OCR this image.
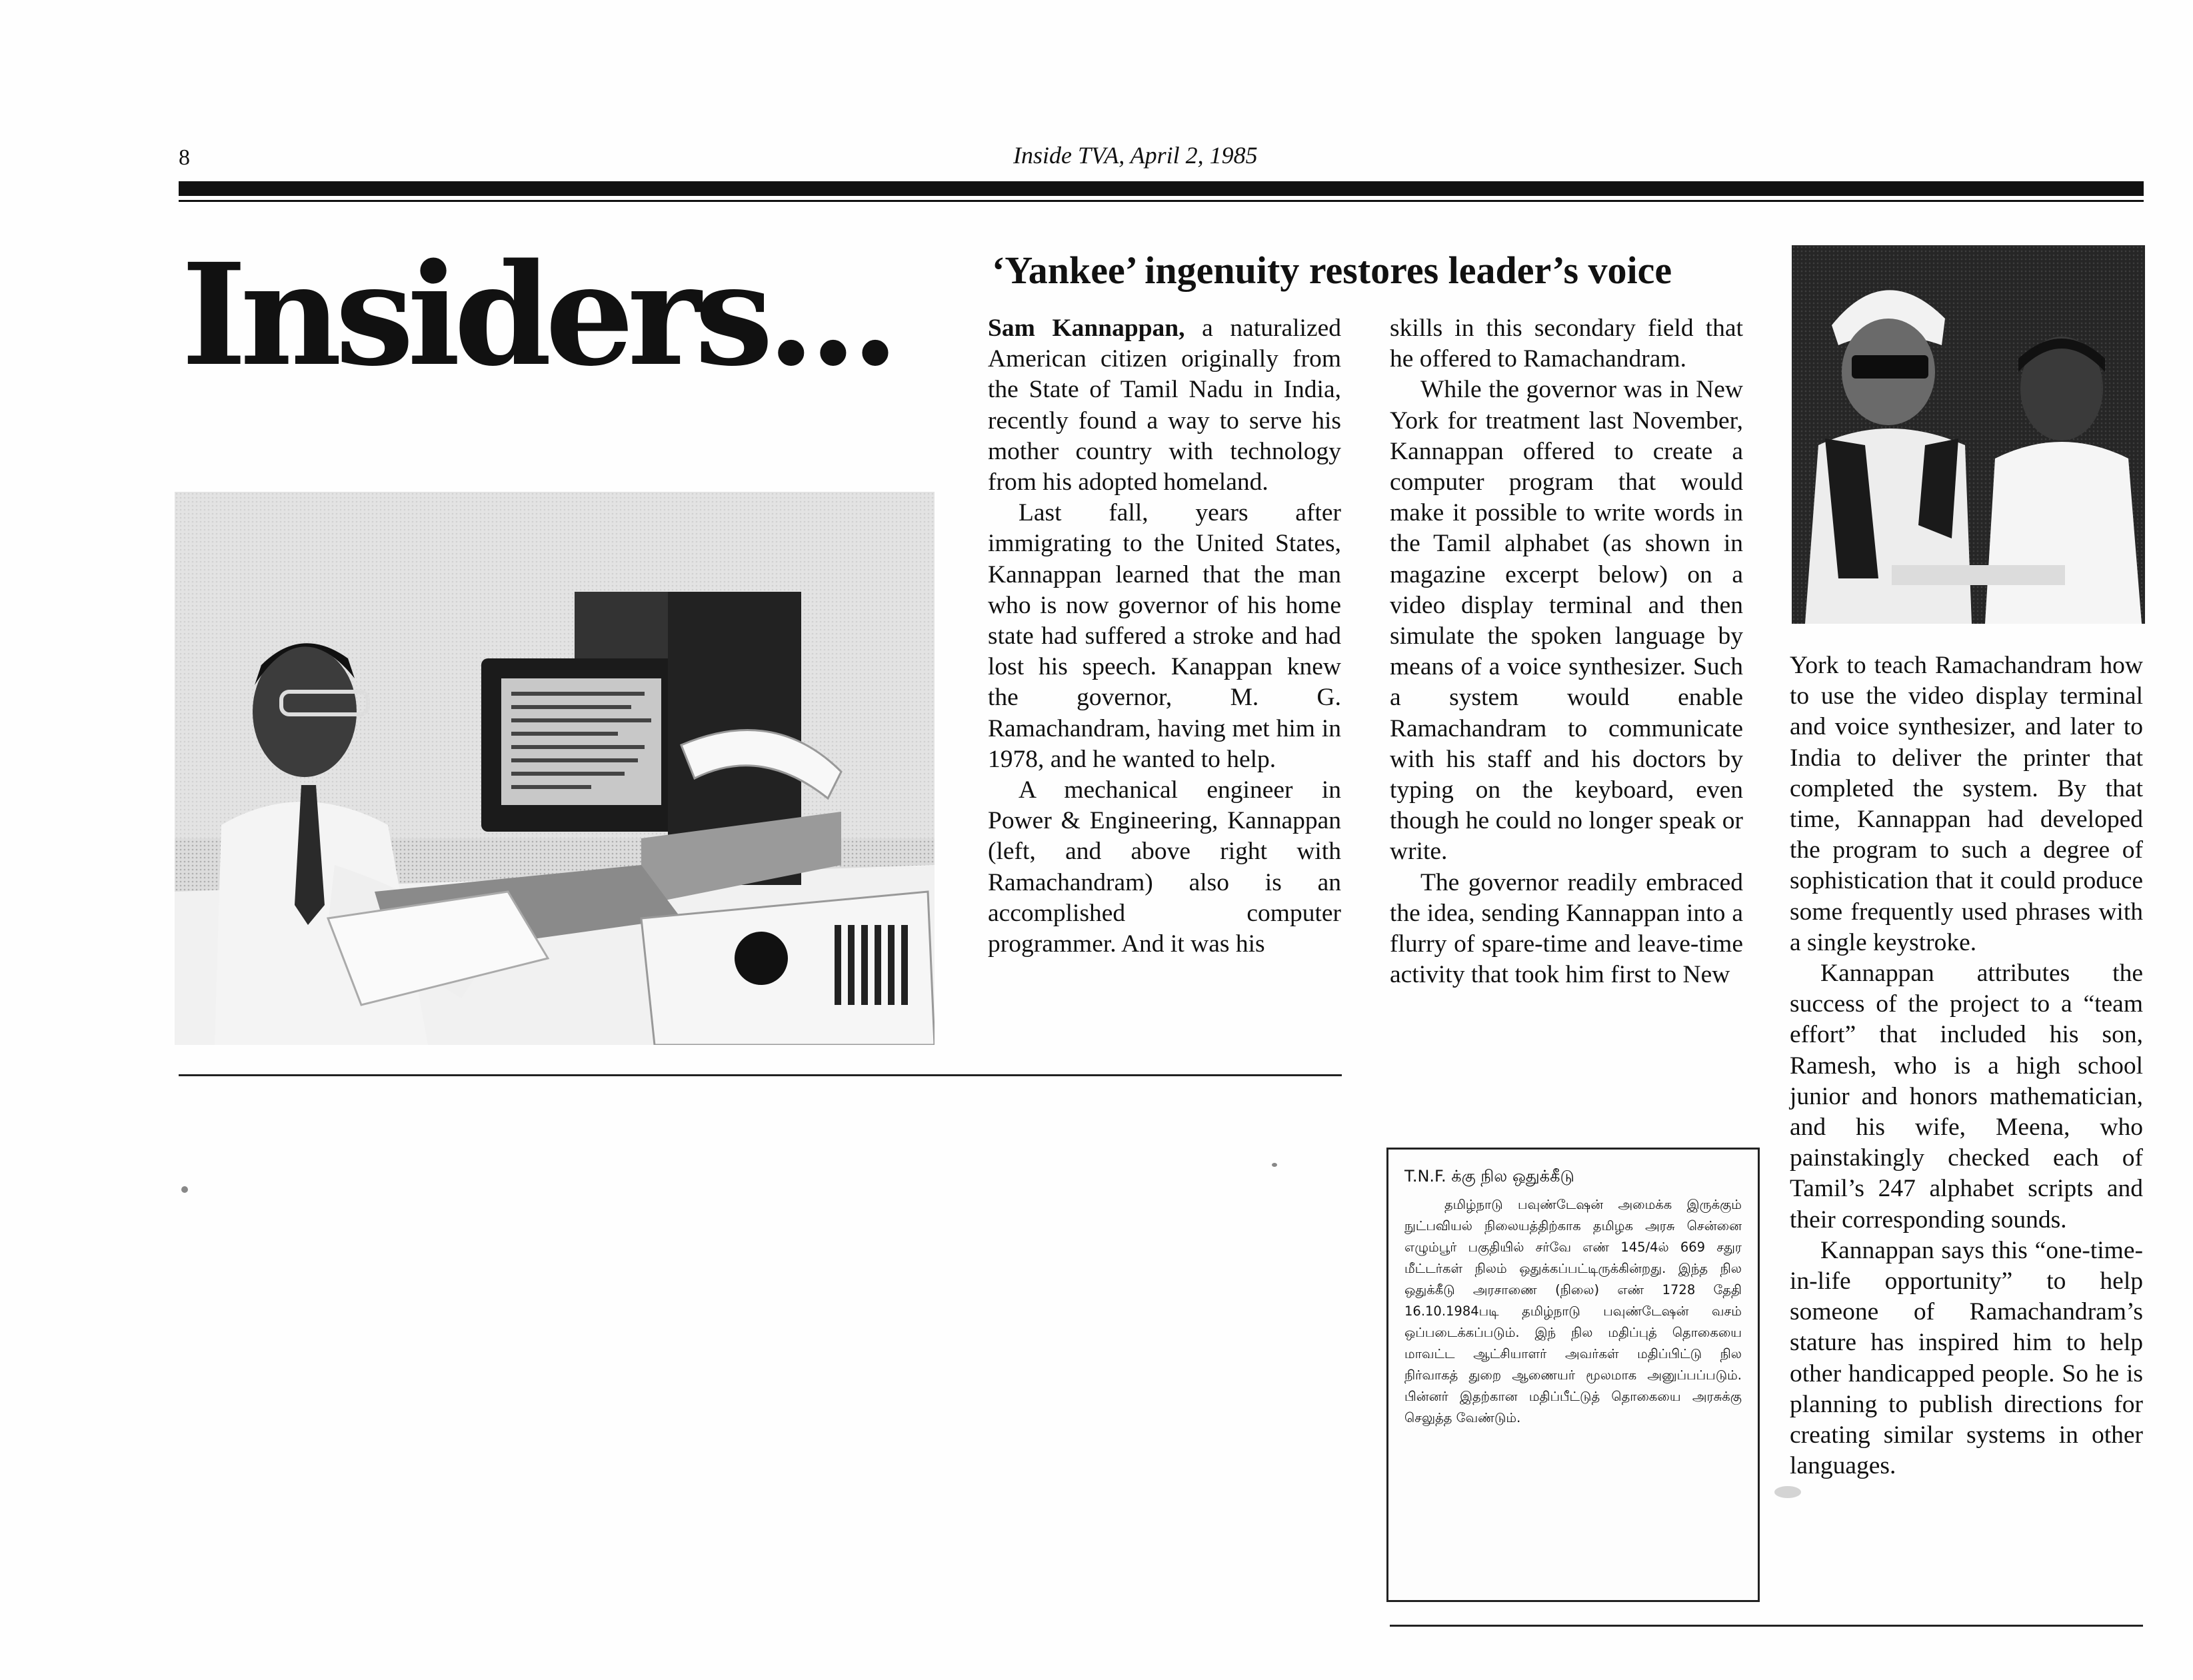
8	Inside TVA, April 2, 1985
Insiders...	‘Yankee’ ingenuity restores leader’s voice

Sam Kannappan, a naturalized American citizen originally from the State of Tamil Nadu in India, recently found a way to serve his mother country with technology from his adopted homeland.

Last fall, years after immigrating to the United States, Kannappan learned that the man who is now governor of his home state had suffered a stroke and had lost his speech. Kanappan knew the governor, M. G. Ramachandram, having met him in 1978, and he wanted to help.

A mechanical engineer in Power & Engineering, Kannappan (left, and above right with Ramachandram) also is an accomplished computer programmer. And it was his

skills in this secondary field that he offered to Ramachandram.

While the governor was in New York for treatment last November, Kannappan offered to create a computer program that would make it possible to write words in the Tamil alphabet (as shown in magazine excerpt below) on a video display terminal and then simulate the spoken language by means of a voice synthesizer. Such a system would enable Ramachandram to communicate with his staff and his doctors by typing on the keyboard, even though he could no longer speak or write.

The governor readily embraced the idea, sending Kannappan into a flurry of spare-time and leave-time activity that took him first to New

York to teach Ramachandram how to use the video display terminal and voice synthesizer, and later to India to deliver the printer that completed the system. By that time, Kannappan had developed the program to such a degree of sophistication that it could produce some frequently used phrases with a single keystroke.

Kannappan attributes the success of the project to a “team effort” that included his son, Ramesh, who is a high school junior and honors mathematician, and his wife, Meena, who painstakingly checked each of Tamil’s 247 alphabet scripts and their corresponding sounds.

Kannappan says this “one-time-in-life opportunity” to help someone of Ramachandram’s stature has inspired him to help other handicapped people. So he is planning to publish directions for creating similar systems in other languages.

T.N.F. க்கு நில ஒதுக்கீடு
தமிழ்நாடு பவுண்டேஷன் அமைக்க இருக்கும் நுட்பவியல் நிலையத்திற்காக தமிழக அரசு சென்னை எழும்பூர் பகுதியில் சர்வே எண் 145/4ல் 669 சதுர மீட்டர்கள் நிலம் ஒதுக்கப்பட்டிருக்கின்றது. இந்த நில ஒதுக்கீடு அரசாணை (நிலை) எண் 1728 தேதி 16.10.1984படி தமிழ்நாடு பவுண்டேஷன் வசம் ஒப்படைக்கப்படும். இந் நில மதிப்புத் தொகையை மாவட்ட ஆட்சியாளர் அவர்கள் மதிப்பிட்டு நில நிர்வாகத் துறை ஆணையர் மூலமாக அனுப்பப்படும். பின்னர் இதற்கான மதிப்பீட்டுத் தொகையை அரசுக்கு செலுத்த வேண்டும்.
